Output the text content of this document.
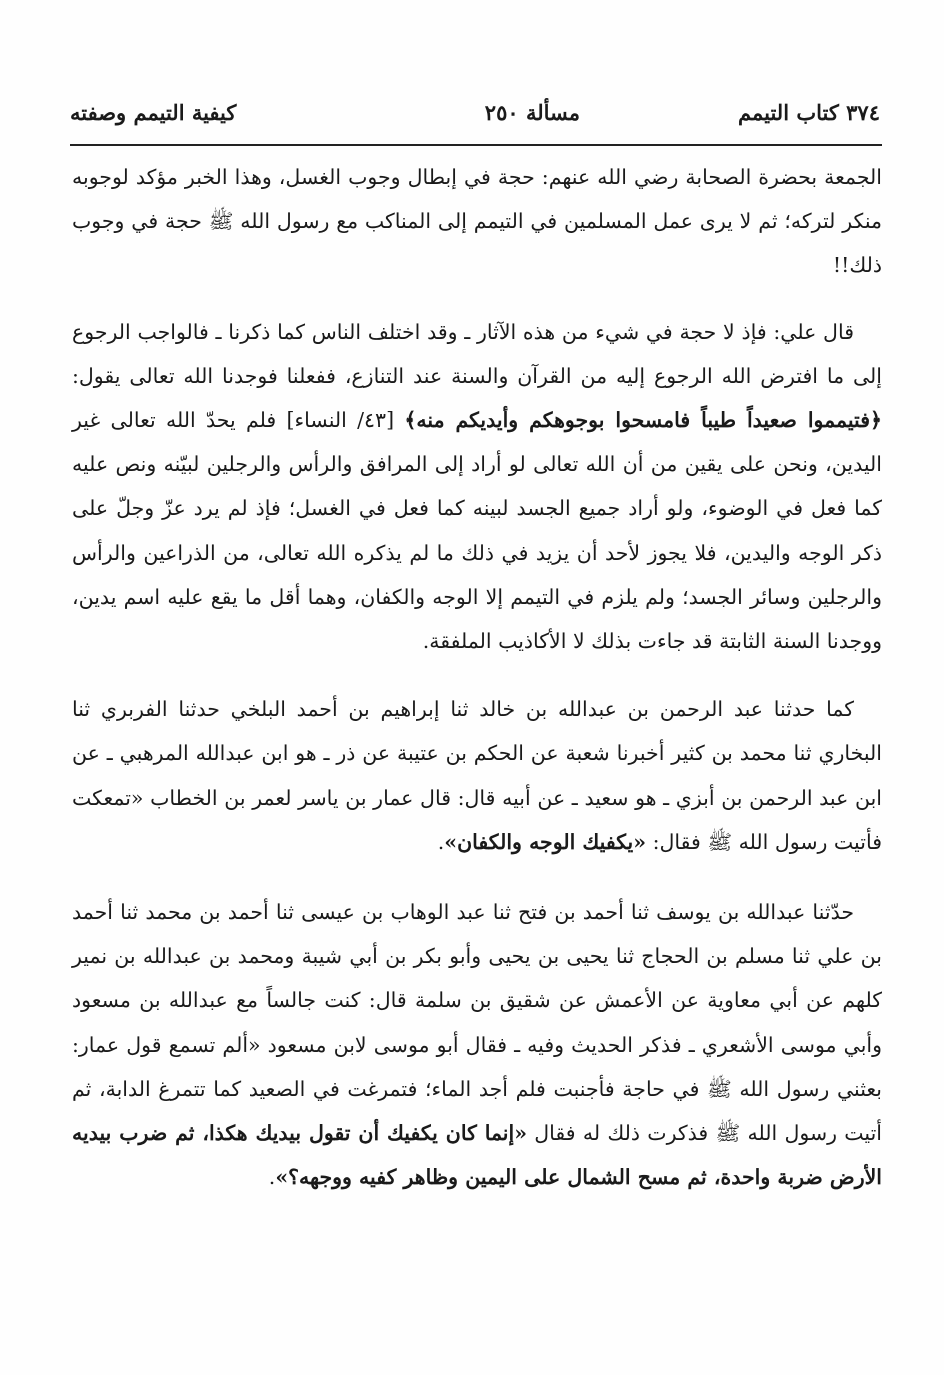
٣٧٤ كتاب التيمم
مسألة ٢٥٠
كيفية التيمم وصفته

الجمعة بحضرة الصحابة رضي الله عنهم: حجة في إبطال وجوب الغسل، وهذا الخبر مؤكد لوجوبه منكر لتركه؛ ثم لا يرى عمل المسلمين في التيمم إلى المناكب مع رسول الله ﷺ حجة في وجوب ذلك!!

قال علي: فإذ لا حجة في شيء من هذه الآثار ـ وقد اختلف الناس كما ذكرنا ـ فالواجب الرجوع إلى ما افترض الله الرجوع إليه من القرآن والسنة عند التنازع، ففعلنا فوجدنا الله تعالى يقول: ﴿فتيمموا صعيداً طيباً فامسحوا بوجوهكم وأيديكم منه﴾ [٤٣/ النساء] فلم يحدّ الله تعالى غير اليدين، ونحن على يقين من أن الله تعالى لو أراد إلى المرافق والرأس والرجلين لبيّنه ونص عليه كما فعل في الوضوء، ولو أراد جميع الجسد لبينه كما فعل في الغسل؛ فإذ لم يرد عزّ وجلّ على ذكر الوجه واليدين، فلا يجوز لأحد أن يزيد في ذلك ما لم يذكره الله تعالى، من الذراعين والرأس والرجلين وسائر الجسد؛ ولم يلزم في التيمم إلا الوجه والكفان، وهما أقل ما يقع عليه اسم يدين، ووجدنا السنة الثابتة قد جاءت بذلك لا الأكاذيب الملفقة.

كما حدثنا عبد الرحمن بن عبدالله بن خالد ثنا إبراهيم بن أحمد البلخي حدثنا الفربري ثنا البخاري ثنا محمد بن كثير أخبرنا شعبة عن الحكم بن عتيبة عن ذر ـ هو ابن عبدالله المرهبي ـ عن ابن عبد الرحمن بن أبزي ـ هو سعيد ـ عن أبيه قال: قال عمار بن ياسر لعمر بن الخطاب «تمعكت فأتيت رسول الله ﷺ فقال: «يكفيك الوجه والكفان».

حدّثنا عبدالله بن يوسف ثنا أحمد بن فتح ثنا عبد الوهاب بن عيسى ثنا أحمد بن محمد ثنا أحمد بن علي ثنا مسلم بن الحجاج ثنا يحيى بن يحيى وأبو بكر بن أبي شيبة ومحمد بن عبدالله بن نمير كلهم عن أبي معاوية عن الأعمش عن شقيق بن سلمة قال: كنت جالساً مع عبدالله بن مسعود وأبي موسى الأشعري ـ فذكر الحديث وفيه ـ فقال أبو موسى لابن مسعود «ألم تسمع قول عمار: بعثني رسول الله ﷺ في حاجة فأجنبت فلم أجد الماء؛ فتمرغت في الصعيد كما تتمرغ الدابة، ثم أتيت رسول الله ﷺ فذكرت ذلك له فقال «إنما كان يكفيك أن تقول بيديك هكذا، ثم ضرب بيديه الأرض ضربة واحدة، ثم مسح الشمال على اليمين وظاهر كفيه ووجهه؟».
